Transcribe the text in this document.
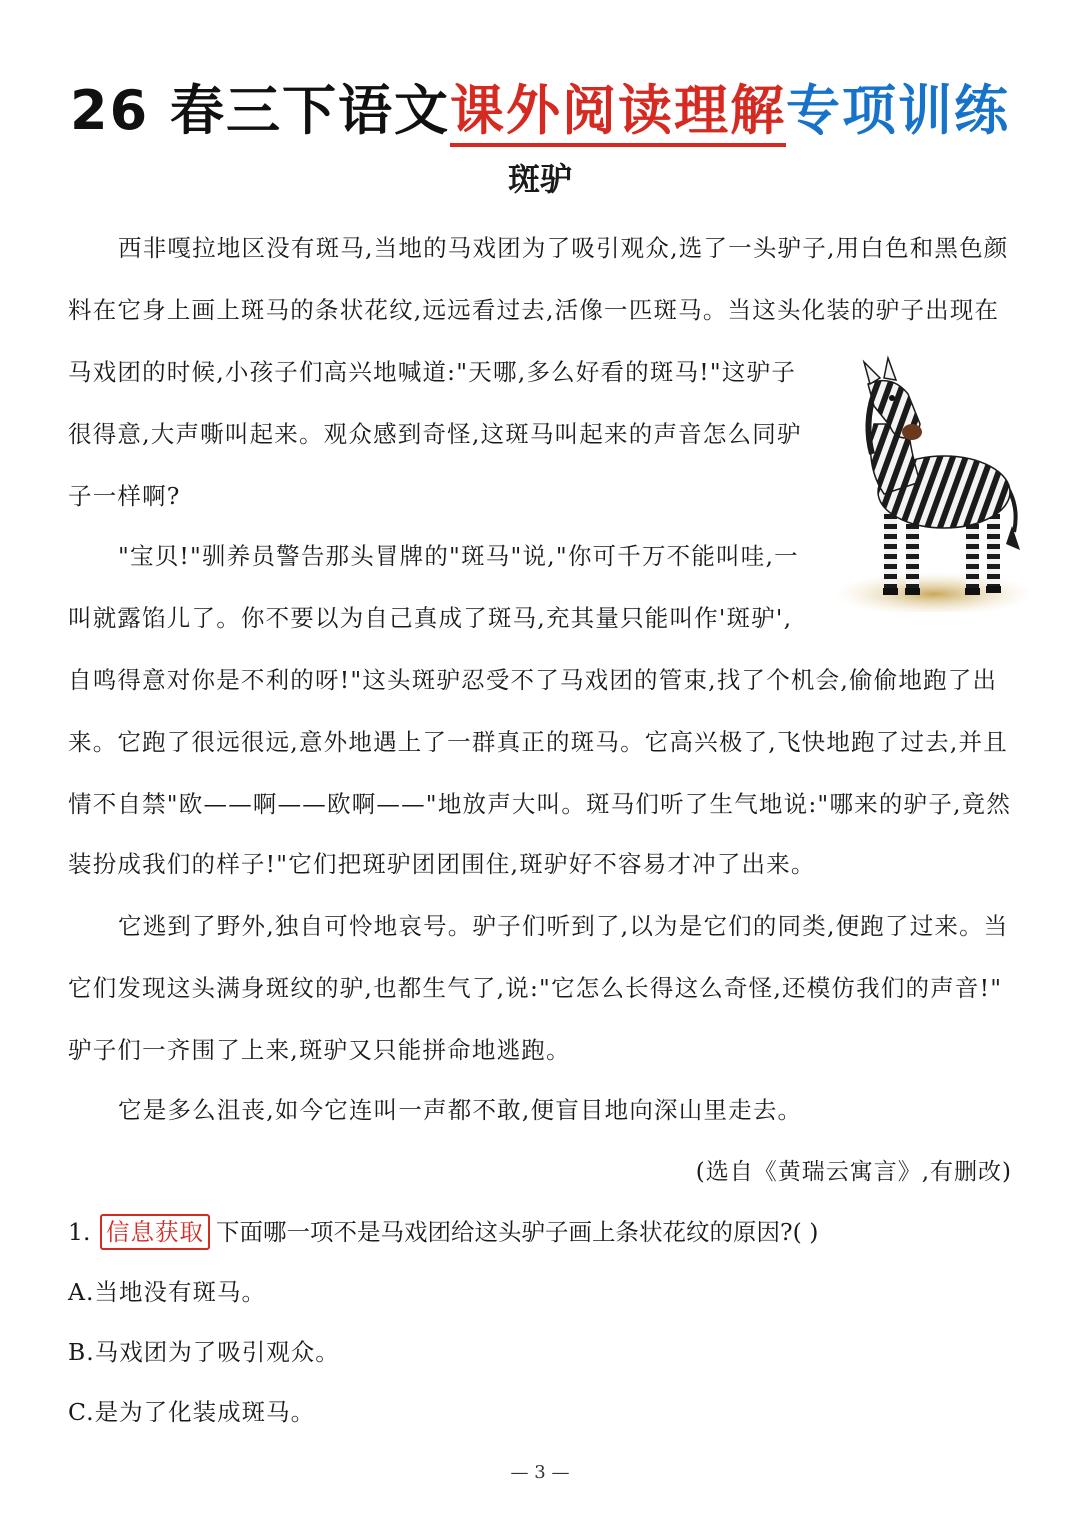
26 春三下语文课外阅读理解专项训练
斑驴
西非嘎拉地区没有斑马,当地的马戏团为了吸引观众,选了一头驴子,用白色和黑色颜
料在它身上画上斑马的条状花纹,远远看过去,活像一匹斑马。当这头化装的驴子出现在
马戏团的时候,小孩子们高兴地喊道:"天哪,多么好看的斑马!"这驴子
很得意,大声嘶叫起来。观众感到奇怪,这斑马叫起来的声音怎么同驴
子一样啊?
"宝贝!"驯养员警告那头冒牌的"斑马"说,"你可千万不能叫哇,一
叫就露馅儿了。你不要以为自己真成了斑马,充其量只能叫作'斑驴',
自鸣得意对你是不利的呀!"这头斑驴忍受不了马戏团的管束,找了个机会,偷偷地跑了出
来。它跑了很远很远,意外地遇上了一群真正的斑马。它高兴极了,飞快地跑了过去,并且
情不自禁"欧——啊——欧啊——"地放声大叫。斑马们听了生气地说:"哪来的驴子,竟然
装扮成我们的样子!"它们把斑驴团团围住,斑驴好不容易才冲了出来。
它逃到了野外,独自可怜地哀号。驴子们听到了,以为是它们的同类,便跑了过来。当
它们发现这头满身斑纹的驴,也都生气了,说:"它怎么长得这么奇怪,还模仿我们的声音!"
驴子们一齐围了上来,斑驴又只能拼命地逃跑。
它是多么沮丧,如今它连叫一声都不敢,便盲目地向深山里走去。
(选自《黄瑞云寓言》,有删改)
1. 信息获取 下面哪一项不是马戏团给这头驴子画上条状花纹的原因?( )
A.当地没有斑马。
B.马戏团为了吸引观众。
C.是为了化装成斑马。
— 3 —
